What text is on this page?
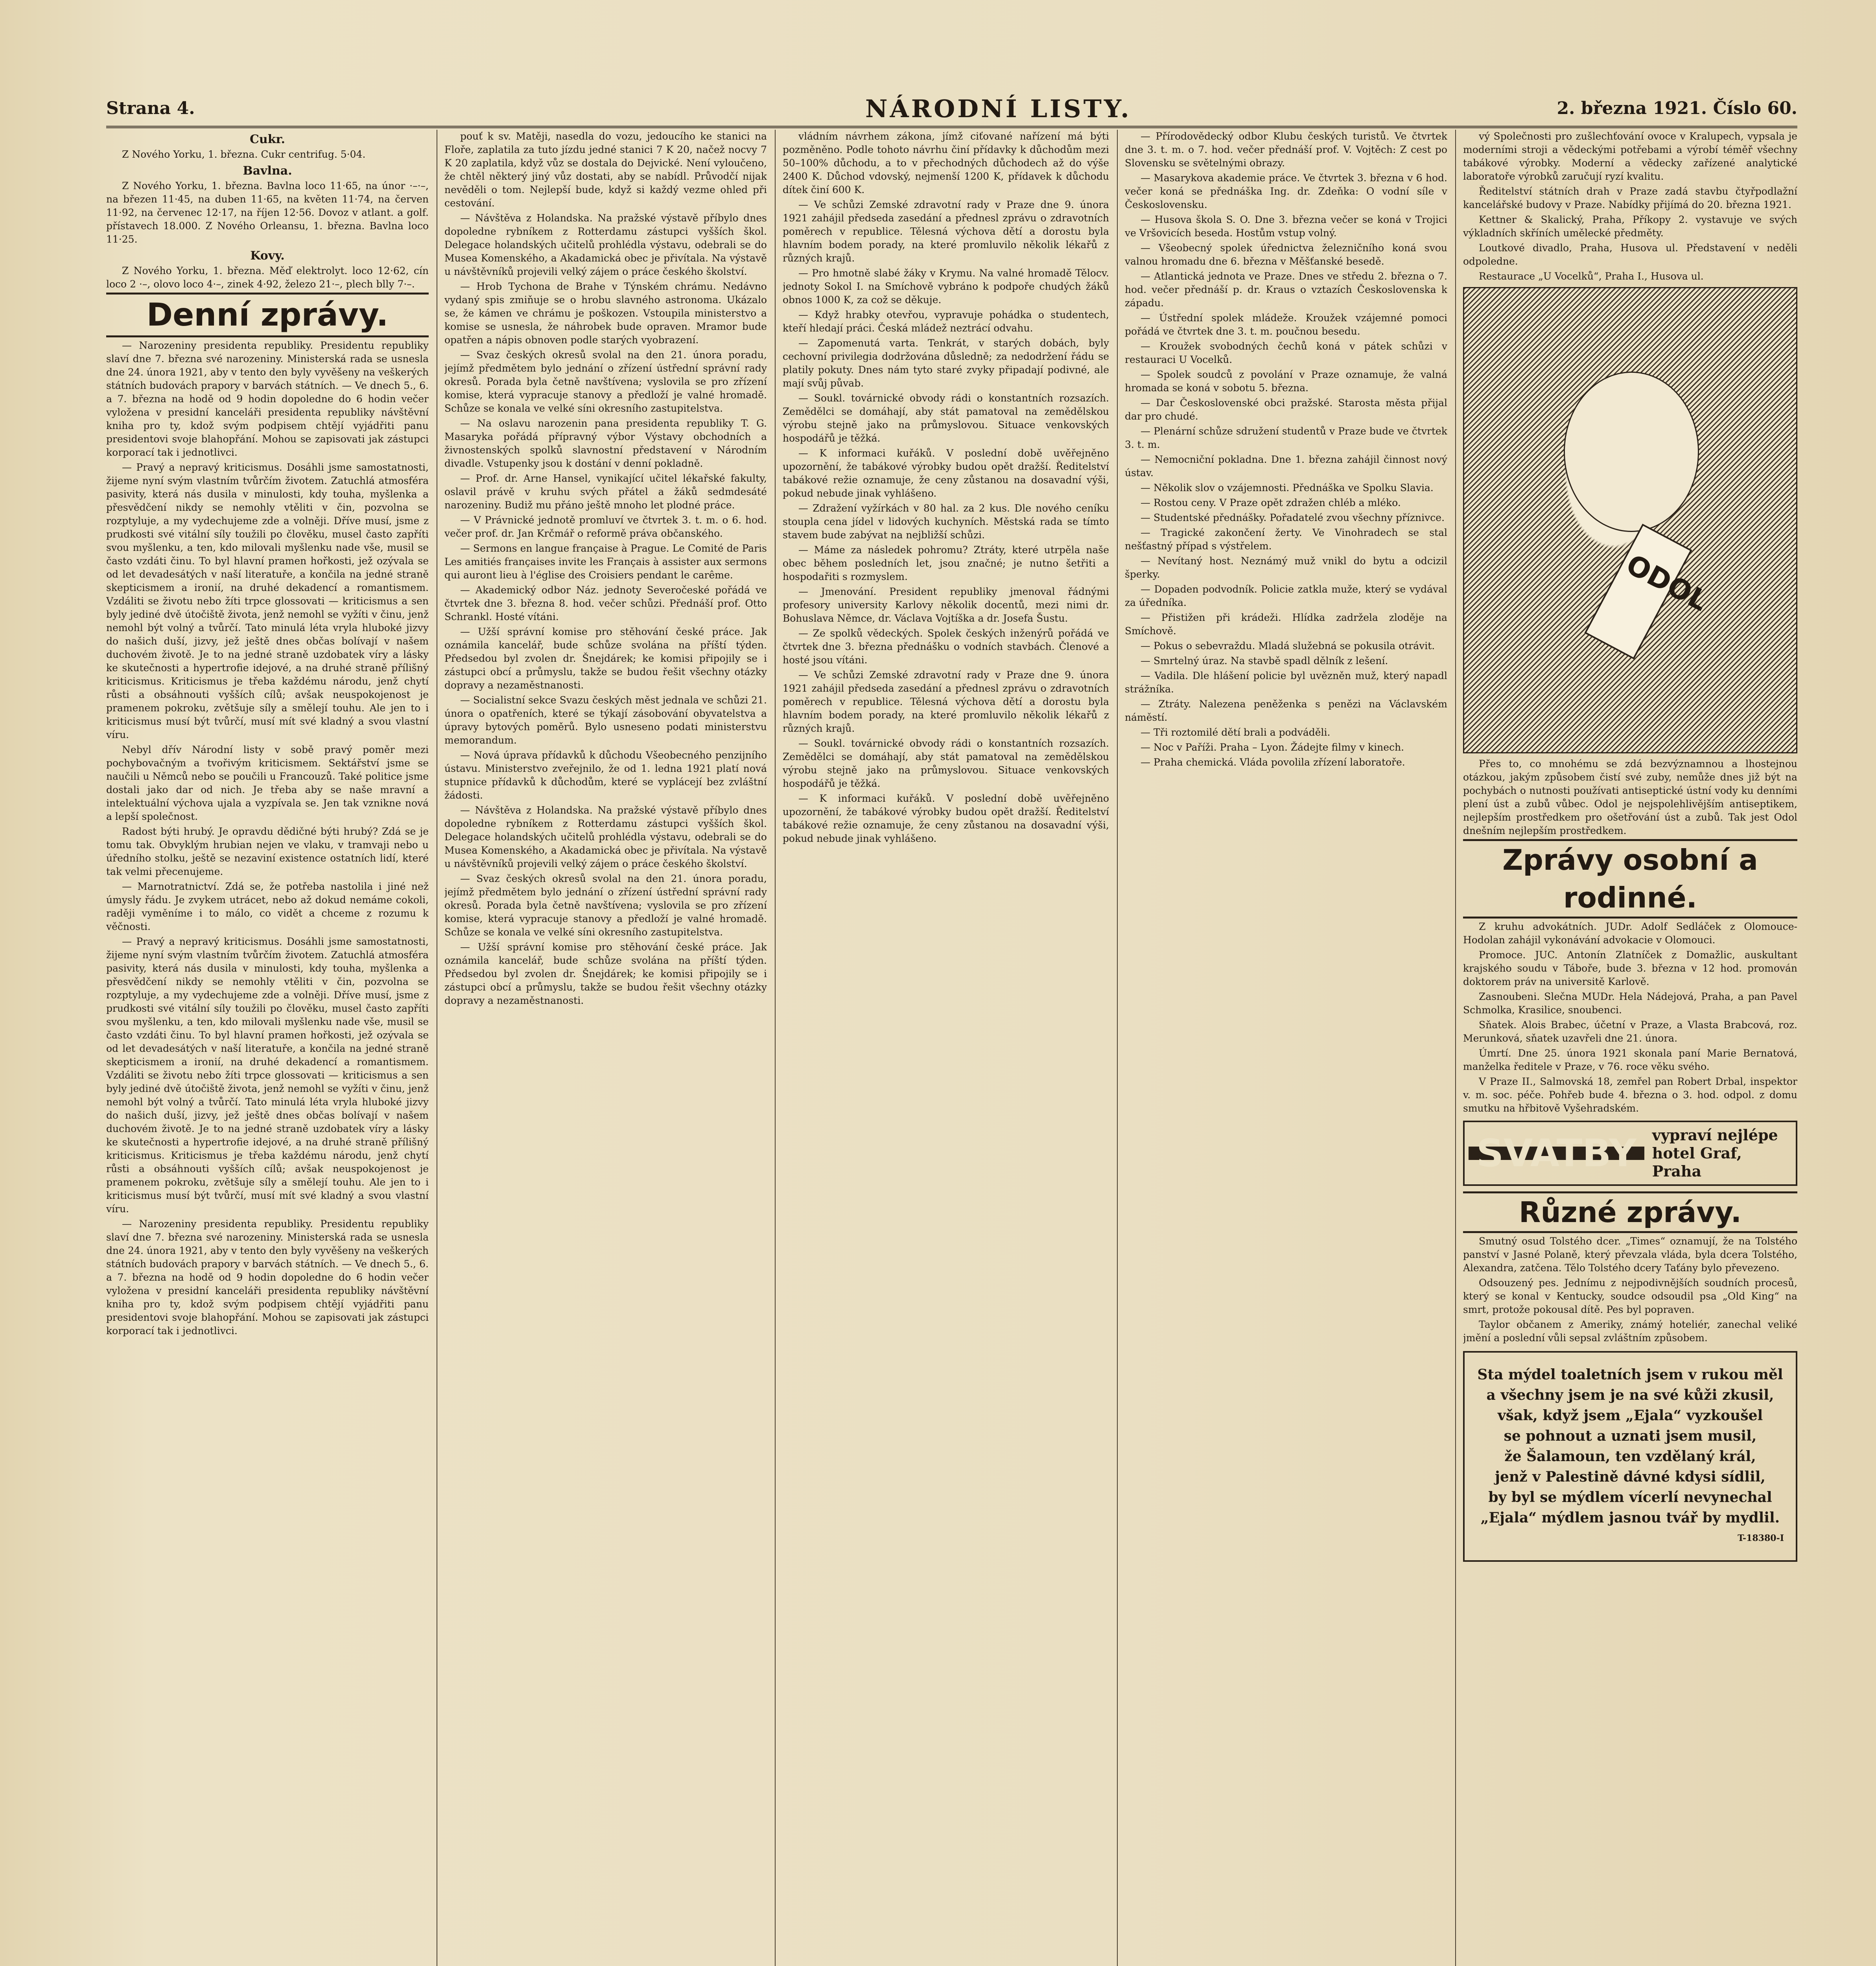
Strana 4.	NÁRODNÍ LISTY.	2. března 1921. Číslo 60.
Cukr.

Z Nového Yorku, 1. března. Cukr centrifug. 5·04.

Bavlna.

Z Nového Yorku, 1. března. Bavlna loco 11·65, na únor ·–·–, na březen 11·45, na duben 11·65, na květen 11·74, na červen 11·92, na červenec 12·17, na říjen 12·56. Dovoz v atlant. a golf. přístavech 18.000. Z Nového Orleansu, 1. března. Bavlna loco 11·25.

Kovy.

Z Nového Yorku, 1. března. Měď elektrolyt. loco 12·62, cín loco 2 ·–, olovo loco 4·–, zinek 4·92, železo 21·–, plech blly 7·–.

Denní zprávy.

— Narozeniny presidenta republiky. Presidentu republiky slaví dne 7. března své narozeniny. Ministerská rada se usnesla dne 24. února 1921, aby v tento den byly vyvěšeny na veškerých státních budovách prapory v barvách státních. — Ve dnech 5., 6. a 7. března na hodě od 9 hodin dopoledne do 6 hodin večer vyložena v presidní kanceláři presidenta republiky návštěvní kniha pro ty, kdož svým podpisem chtějí vyjádřiti panu presidentovi svoje blahopřání. Mohou se zapisovati jak zástupci korporací tak i jednotlivci.

— Pravý a nepravý kriticismus. Dosáhli jsme samostatnosti, žijeme nyní svým vlastním tvůrčím životem. Zatuchlá atmosféra pasivity, která nás dusila v minulosti, kdy touha, myšlenka a přesvědčení nikdy se nemohly vtěliti v čin, pozvolna se rozptyluje, a my vydechujeme zde a volněji. Dříve musí, jsme z prudkosti své vitální síly toužili po člověku, musel často zapříti svou myšlenku, a ten, kdo milovali myšlenku nade vše, musil se často vzdáti činu. To byl hlavní pramen hořkosti, jež ozývala se od let devadesátých v naší literatuře, a končila na jedné straně skepticismem a ironií, na druhé dekadencí a romantismem. Vzdáliti se životu nebo žíti trpce glossovati — kriticismus a sen byly jediné dvě útočiště života, jenž nemohl se vyžíti v činu, jenž nemohl být volný a tvůrčí. Tato minulá léta vryla hluboké jizvy do našich duší, jizvy, jež ještě dnes občas bolívají v našem duchovém životě. Je to na jedné straně uzdobatek víry a lásky ke skutečnosti a hypertrofie idejové, a na druhé straně přílišný kriticismus. Kriticismus je třeba každému národu, jenž chytí růsti a obsáhnouti vyšších cílů; avšak neuspokojenost je pramenem pokroku, zvětšuje síly a smělejí touhu. Ale jen to i kriticismus musí být tvůrčí, musí mít své kladný a svou vlastní víru.

Nebyl dřív Národní listy v sobě pravý poměr mezi pochybovačným a tvořivým kriticismem. Sektářství jsme se naučili u Němců nebo se poučili u Francouzů. Také politice jsme dostali jako dar od nich. Je třeba aby se naše mravní a intelektuální výchova ujala a vyzpívala se. Jen tak vznikne nová a lepší společnost.

Radost býti hrubý. Je opravdu dědičné býti hrubý? Zdá se je tomu tak. Obvyklým hrubian nejen ve vlaku, v tramvaji nebo u úředního stolku, ještě se nezaviní existence ostatních lidí, které tak velmi přecenujeme.

— Marnotratnictví. Zdá se, že potřeba nastolila i jiné než úmysly řádu. Je zvykem utrácet, nebo až dokud nemáme cokoli, raději vyměníme i to málo, co vidět a chceme z rozumu k věčnosti.

— Pravý a nepravý kriticismus. Dosáhli jsme samostatnosti, žijeme nyní svým vlastním tvůrčím životem. Zatuchlá atmosféra pasivity, která nás dusila v minulosti, kdy touha, myšlenka a přesvědčení nikdy se nemohly vtěliti v čin, pozvolna se rozptyluje, a my vydechujeme zde a volněji. Dříve musí, jsme z prudkosti své vitální síly toužili po člověku, musel často zapříti svou myšlenku, a ten, kdo milovali myšlenku nade vše, musil se často vzdáti činu. To byl hlavní pramen hořkosti, jež ozývala se od let devadesátých v naší literatuře, a končila na jedné straně skepticismem a ironií, na druhé dekadencí a romantismem. Vzdáliti se životu nebo žíti trpce glossovati — kriticismus a sen byly jediné dvě útočiště života, jenž nemohl se vyžíti v činu, jenž nemohl být volný a tvůrčí. Tato minulá léta vryla hluboké jizvy do našich duší, jizvy, jež ještě dnes občas bolívají v našem duchovém životě. Je to na jedné straně uzdobatek víry a lásky ke skutečnosti a hypertrofie idejové, a na druhé straně přílišný kriticismus. Kriticismus je třeba každému národu, jenž chytí růsti a obsáhnouti vyšších cílů; avšak neuspokojenost je pramenem pokroku, zvětšuje síly a smělejí touhu. Ale jen to i kriticismus musí být tvůrčí, musí mít své kladný a svou vlastní víru.

— Narozeniny presidenta republiky. Presidentu republiky slaví dne 7. března své narozeniny. Ministerská rada se usnesla dne 24. února 1921, aby v tento den byly vyvěšeny na veškerých státních budovách prapory v barvách státních. — Ve dnech 5., 6. a 7. března na hodě od 9 hodin dopoledne do 6 hodin večer vyložena v presidní kanceláři presidenta republiky návštěvní kniha pro ty, kdož svým podpisem chtějí vyjádřiti panu presidentovi svoje blahopřání. Mohou se zapisovati jak zástupci korporací tak i jednotlivci.

pouť k sv. Matěji, nasedla do vozu, jedoucího ke stanici na Floře, zaplatila za tuto jízdu jedné stanici 7 K 20, načež nocvy 7 K 20 zaplatila, když vůz se dostala do Dejvické. Není vyloučeno, že chtěl některý jiný vůz dostati, aby se nabídl. Průvodčí nijak nevěděli o tom. Nejlepší bude, když si každý vezme ohled při cestování.

— Návštěva z Holandska. Na pražské výstavě příbylo dnes dopoledne rybníkem z Rotterdamu zástupci vyšších škol. Delegace holandských učitelů prohlédla výstavu, odebrali se do Musea Komenského, a Akadamická obec je přivítala. Na výstavě u návštěvníků projevili velký zájem o práce českého školství.

— Hrob Tychona de Brahe v Týnském chrámu. Nedávno vydaný spis zmiňuje se o hrobu slavného astronoma. Ukázalo se, že kámen ve chrámu je poškozen. Vstoupila ministerstvo a komise se usnesla, že náhrobek bude opraven. Mramor bude opatřen a nápis obnoven podle starých vyobrazení.

— Svaz českých okresů svolal na den 21. února poradu, jejímž předmětem bylo jednání o zřízení ústřední správní rady okresů. Porada byla četně navštívena; vyslovila se pro zřízení komise, která vypracuje stanovy a předloží je valné hromadě. Schůze se konala ve velké síni okresního zastupitelstva.

— Na oslavu narozenin pana presidenta republiky T. G. Masaryka pořádá přípravný výbor Výstavy obchodních a živnostenských spolků slavnostní představení v Národním divadle. Vstupenky jsou k dostání v denní pokladně.

— Prof. dr. Arne Hansel, vynikající učitel lékařské fakulty, oslavil právě v kruhu svých přátel a žáků sedmdesáté narozeniny. Budiž mu přáno ještě mnoho let plodné práce.

— V Právnické jednotě promluví ve čtvrtek 3. t. m. o 6. hod. večer prof. dr. Jan Krčmář o reformě práva občanského.

— Sermons en langue française à Prague. Le Comité de Paris Les amitiés françaises invite les Français à assister aux sermons qui auront lieu à l'église des Croisiers pendant le carême.

— Akademický odbor Náz. jednoty Severočeské pořádá ve čtvrtek dne 3. března 8. hod. večer schůzi. Přednáší prof. Otto Schrankl. Hosté vítáni.

— Užší správní komise pro stěhování české práce. Jak oznámila kancelář, bude schůze svolána na příští týden. Předsedou byl zvolen dr. Šnejdárek; ke komisi připojily se i zástupci obcí a průmyslu, takže se budou řešit všechny otázky dopravy a nezaměstnanosti.

— Socialistní sekce Svazu českých měst jednala ve schůzi 21. února o opatřeních, které se týkají zásobování obyvatelstva a úpravy bytových poměrů. Bylo usneseno podati ministerstvu memorandum.

— Nová úprava přídavků k důchodu Všeobecného penzijního ústavu. Ministerstvo zveřejnilo, že od 1. ledna 1921 platí nová stupnice přídavků k důchodům, které se vyplácejí bez zvláštní žádosti.

— Návštěva z Holandska. Na pražské výstavě příbylo dnes dopoledne rybníkem z Rotterdamu zástupci vyšších škol. Delegace holandských učitelů prohlédla výstavu, odebrali se do Musea Komenského, a Akadamická obec je přivítala. Na výstavě u návštěvníků projevili velký zájem o práce českého školství.

— Svaz českých okresů svolal na den 21. února poradu, jejímž předmětem bylo jednání o zřízení ústřední správní rady okresů. Porada byla četně navštívena; vyslovila se pro zřízení komise, která vypracuje stanovy a předloží je valné hromadě. Schůze se konala ve velké síni okresního zastupitelstva.

— Užší správní komise pro stěhování české práce. Jak oznámila kancelář, bude schůze svolána na příští týden. Předsedou byl zvolen dr. Šnejdárek; ke komisi připojily se i zástupci obcí a průmyslu, takže se budou řešit všechny otázky dopravy a nezaměstnanosti.

vládním návrhem zákona, jímž ciťované nařízení má býti pozměněno. Podle tohoto návrhu činí přídavky k důchodům mezi 50–100% důchodu, a to v přechodných důchodech až do výše 2400 K. Důchod vdovský, nejmenší 1200 K, přídavek k důchodu dítek činí 600 K.

— Ve schůzi Zemské zdravotní rady v Praze dne 9. února 1921 zahájil předseda zasedání a přednesl zprávu o zdravotních poměrech v republice. Tělesná výchova dětí a dorostu byla hlavním bodem porady, na které promluvilo několik lékařů z různých krajů.

— Pro hmotně slabé žáky v Krymu. Na valné hromadě Tělocv. jednoty Sokol I. na Smíchově vybráno k podpoře chudých žáků obnos 1000 K, za což se děkuje.

— Když hrabky otevřou, vypravuje pohádka o studentech, kteří hledají práci. Česká mládež neztrácí odvahu.

— Zapomenutá varta. Tenkrát, v starých dobách, byly cechovní privilegia dodržována důsledně; za nedodržení řádu se platily pokuty. Dnes nám tyto staré zvyky připadají podivné, ale mají svůj půvab.

— Soukl. továrnické obvody rádi o konstantních rozsazích. Zemědělci se domáhají, aby stát pamatoval na zemědělskou výrobu stejně jako na průmyslovou. Situace venkovských hospodářů je těžká.

— K informaci kuřáků. V poslední době uvěřejněno upozornění, že tabákové výrobky budou opět dražší. Ředitelství tabákové režie oznamuje, že ceny zůstanou na dosavadní výši, pokud nebude jinak vyhlášeno.

— Zdražení vyžírkách v 80 hal. za 2 kus. Dle nového ceníku stoupla cena jídel v lidových kuchyních. Městská rada se tímto stavem bude zabývat na nejbližší schůzi.

— Máme za následek pohromu? Ztráty, které utrpěla naše obec během posledních let, jsou značné; je nutno šetřiti a hospodařiti s rozmyslem.

— Jmenování. President republiky jmenoval řádnými profesory university Karlovy několik docentů, mezi nimi dr. Bohuslava Němce, dr. Václava Vojtíška a dr. Josefa Šustu.

— Ze spolků vědeckých. Spolek českých inženýrů pořádá ve čtvrtek dne 3. března přednášku o vodních stavbách. Členové a hosté jsou vítáni.

— Ve schůzi Zemské zdravotní rady v Praze dne 9. února 1921 zahájil předseda zasedání a přednesl zprávu o zdravotních poměrech v republice. Tělesná výchova dětí a dorostu byla hlavním bodem porady, na které promluvilo několik lékařů z různých krajů.

— Soukl. továrnické obvody rádi o konstantních rozsazích. Zemědělci se domáhají, aby stát pamatoval na zemědělskou výrobu stejně jako na průmyslovou. Situace venkovských hospodářů je těžká.

— K informaci kuřáků. V poslední době uvěřejněno upozornění, že tabákové výrobky budou opět dražší. Ředitelství tabákové režie oznamuje, že ceny zůstanou na dosavadní výši, pokud nebude jinak vyhlášeno.

— Přírodovědecký odbor Klubu českých turistů. Ve čtvrtek dne 3. t. m. o 7. hod. večer přednáší prof. V. Vojtěch: Z cest po Slovensku se světelnými obrazy.

— Masarykova akademie práce. Ve čtvrtek 3. března v 6 hod. večer koná se přednáška Ing. dr. Zdeňka: O vodní síle v Československu.

— Husova škola S. O. Dne 3. března večer se koná v Trojici ve Vršovicích beseda. Hostům vstup volný.

— Všeobecný spolek úřednictva železničního koná svou valnou hromadu dne 6. března v Měšťanské besedě.

— Atlantická jednota ve Praze. Dnes ve středu 2. března o 7. hod. večer přednáší p. dr. Kraus o vztazích Československa k západu.

— Ústřední spolek mládeže. Kroužek vzájemné pomoci pořádá ve čtvrtek dne 3. t. m. poučnou besedu.

— Kroužek svobodných čechů koná v pátek schůzi v restauraci U Vocelků.

— Spolek soudců z povolání v Praze oznamuje, že valná hromada se koná v sobotu 5. března.

— Dar Československé obci pražské. Starosta města přijal dar pro chudé.

— Plenární schůze sdružení studentů v Praze bude ve čtvrtek 3. t. m.

— Nemocniční pokladna. Dne 1. března zahájil činnost nový ústav.

— Několik slov o vzájemnosti. Přednáška ve Spolku Slavia.

— Rostou ceny. V Praze opět zdražen chléb a mléko.

— Studentské přednášky. Pořadatelé zvou všechny příznivce.

— Tragické zakončení žerty. Ve Vinohradech se stal nešťastný případ s výstřelem.

— Nevítaný host. Neznámý muž vnikl do bytu a odcizil šperky.

— Dopaden podvodník. Policie zatkla muže, který se vydával za úředníka.

— Přistižen při krádeži. Hlídka zadržela zloděje na Smíchově.

— Pokus o sebevraždu. Mladá služebná se pokusila otrávit.

— Smrtelný úraz. Na stavbě spadl dělník z lešení.

— Vadila. Dle hlášení policie byl uvězněn muž, který napadl strážníka.

— Ztráty. Nalezena peněženka s penězi na Václavském náměstí.

— Tři roztomilé dětí brali a podváděli.

— Noc v Paříži. Praha – Lyon. Žádejte filmy v kinech.

— Praha chemická. Vláda povolila zřízení laboratoře.

vý Společnosti pro zušlechťování ovoce v Kralupech, vypsala je moderními stroji a vědeckými potřebami a výrobí téměř všechny tabákové výrobky. Moderní a vědecky zařízené analytické laboratoře výrobků zaručují ryzí kvalitu.

Ředitelství státních drah v Praze zadá stavbu čtyřpodlažní kancelářské budovy v Praze. Nabídky přijímá do 20. března 1921.

Kettner & Skalický, Praha, Příkopy 2. vystavuje ve svých výkladních skříních umělecké předměty.

Loutkové divadlo, Praha, Husova ul. Představení v neděli odpoledne.

Restaurace „U Vocelků“, Praha I., Husova ul.

ODOL

Přes to, co mnohému se zdá bezvýznamnou a lhostejnou otázkou, jakým způsobem čistí své zuby, nemůže dnes již být na pochybách o nutnosti používati antiseptické ústní vody ku denními plení úst a zubů vůbec. Odol je nejspolehlivějším antiseptikem, nejlepším prostředkem pro ošetřování úst a zubů. Tak jest Odol dnešním nejlepším prostředkem.

Zprávy osobní a rodinné.

Z kruhu advokátních. JUDr. Adolf Sedláček z Olomouce-Hodolan zahájil vykonávání advokacie v Olomouci.

Promoce. JUC. Antonín Zlatníček z Domažlic, auskultant krajského soudu v Táboře, bude 3. března v 12 hod. promován doktorem práv na universitě Karlově.

Zasnoubeni. Slečna MUDr. Hela Nádejová, Praha, a pan Pavel Schmolka, Krasilice, snoubenci.

Sňatek. Alois Brabec, účetní v Praze, a Vlasta Brabcová, roz. Merunková, sňatek uzavřeli dne 21. února.

Úmrtí. Dne 25. února 1921 skonala paní Marie Bernatová, manželka ředitele v Praze, v 76. roce věku svého.

V Praze II., Salmovská 18, zemřel pan Robert Drbal, inspektor v. m. soc. péče. Pohřeb bude 4. března o 3. hod. odpol. z domu smutku na hřbitově Vyšehradském.

SVATBY	vypraví nejlépe hotel Graf, Praha

Různé zprávy.

Smutný osud Tolstého dcer. „Times“ oznamují, že na Tolstého panství v Jasné Polaně, který převzala vláda, byla dcera Tolstého, Alexandra, zatčena. Tělo Tolstého dcery Taťány bylo převezeno.

Odsouzený pes. Jednímu z nejpodivnějších soudních procesů, který se konal v Kentucky, soudce odsoudil psa „Old King“ na smrt, protože pokousal dítě. Pes byl popraven.

Taylor občanem z Ameriky, známý hoteliér, zanechal veliké jmění a poslední vůli sepsal zvláštním způsobem.

Sta mýdel toaletních jsem v rukou měl
a všechny jsem je na své kůži zkusil,
však, když jsem „Ejala“ vyzkoušel
se pohnout a uznati jsem musil,
že Šalamoun, ten vzdělaný král,
jenž v Palestině dávné kdysi sídlil,
by byl se mýdlem vícerlí nevynechal
„Ejala“ mýdlem jasnou tvář by mydlil.
T-18380-I
